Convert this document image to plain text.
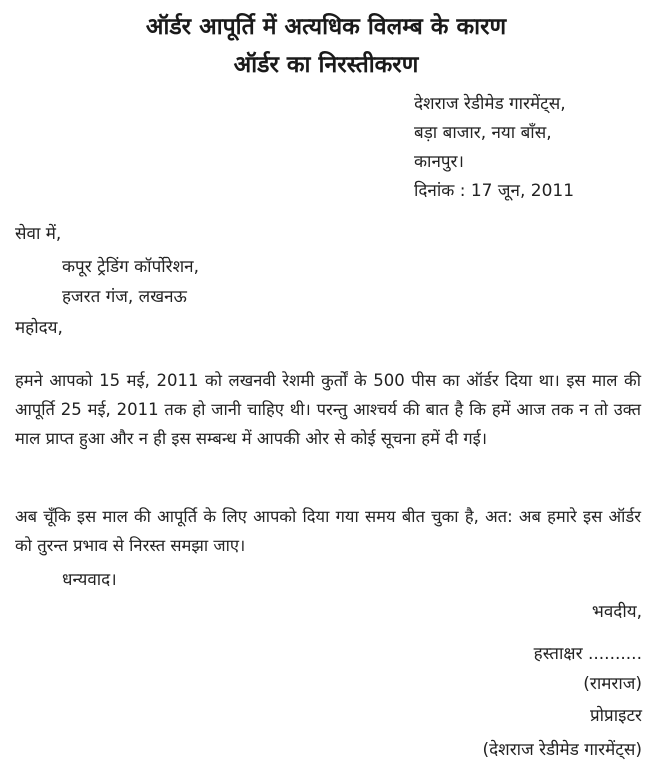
ऑर्डर आपूर्ति में अत्यधिक विलम्ब के कारण
ऑर्डर का निरस्तीकरण
देशराज रेडीमेड गारमेंट्स,
बड़ा बाजार, नया बाँस,
कानपुर।
दिनांक : 17 जून, 2011
सेवा में,
कपूर ट्रेडिंग कॉर्पोरेशन,
हजरत गंज, लखनऊ
महोदय,
हमने आपको 15 मई, 2011 को लखनवी रेशमी कुर्तों के 500 पीस का ऑर्डर दिया था। इस माल की आपूर्ति 25 मई, 2011 तक हो जानी चाहिए थी। परन्तु आश्चर्य की बात है कि हमें आज तक न तो उक्त माल प्राप्त हुआ और न ही इस सम्बन्ध में आपकी ओर से कोई सूचना हमें दी गई।
अब चूँकि इस माल की आपूर्ति के लिए आपको दिया गया समय बीत चुका है, अत: अब हमारे इस ऑर्डर को तुरन्त प्रभाव से निरस्त समझा जाए।
धन्यवाद।
भवदीय,
हस्ताक्षर ..........
(रामराज)
प्रोप्राइटर
(देशराज रेडीमेड गारमेंट्स)
